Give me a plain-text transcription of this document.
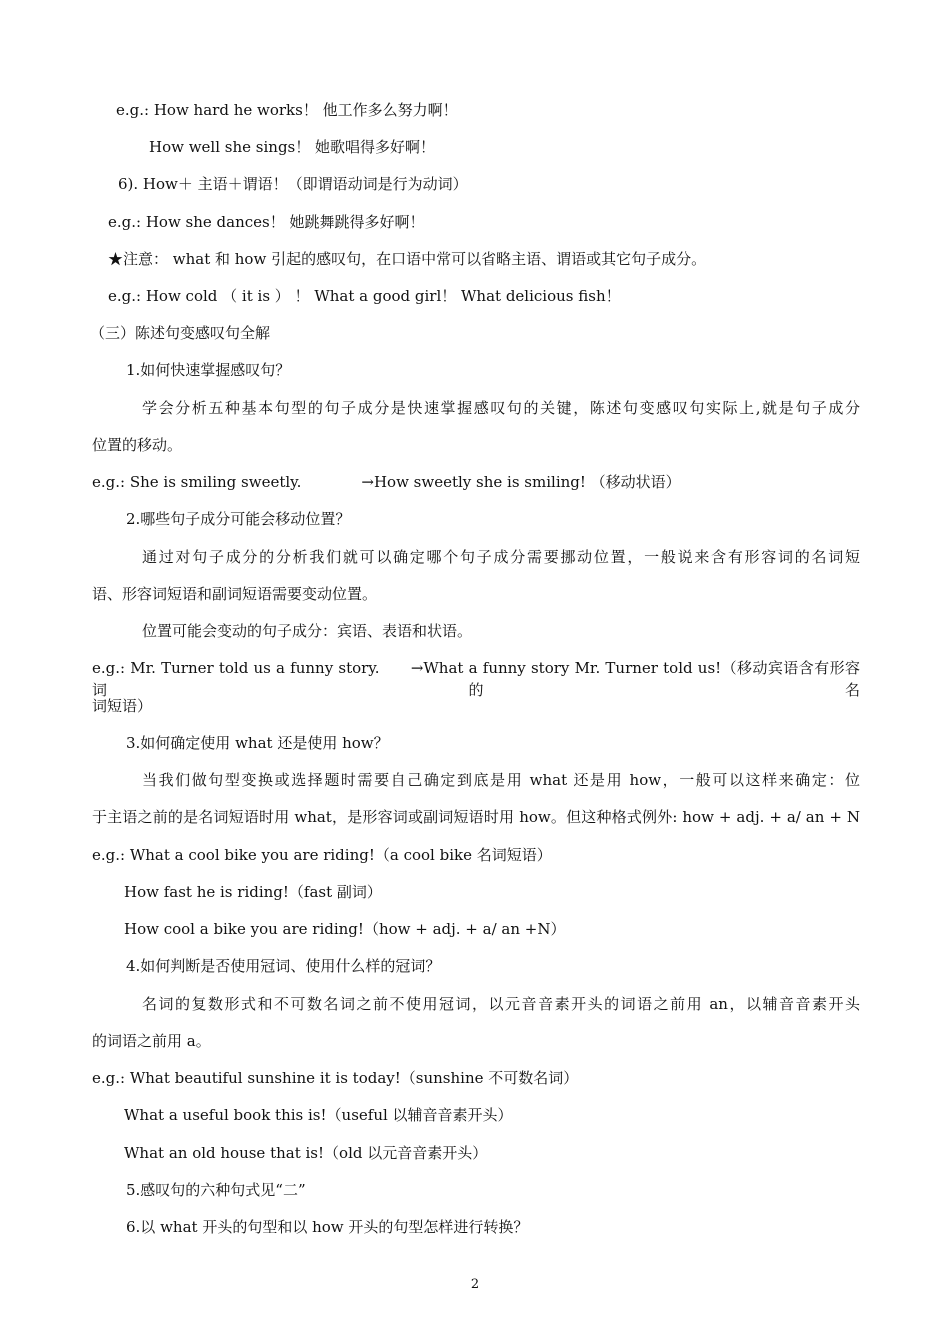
e.g.: How hard he works！ 他工作多么努力啊！
How well she sings！ 她歌唱得多好啊！
6). How＋ 主语＋谓语！（即谓语动词是行为动词）
e.g.: How she dances！ 她跳舞跳得多好啊！
★注意： what 和 how 引起的感叹句，在口语中常可以省略主语、谓语或其它句子成分。
e.g.: How cold （ it is ） ！ What a good girl！ What delicious fish！
（三）陈述句变感叹句全解
1.如何快速掌握感叹句？
学会分析五种基本句型的句子成分是快速掌握感叹句的关键，陈述句变感叹句实际上,就是句子成分
位置的移动。
e.g.: She is smiling sweetly.　　　　→How sweetly she is smiling! （移动状语）
2.哪些句子成分可能会移动位置？
通过对句子成分的分析我们就可以确定哪个句子成分需要挪动位置，一般说来含有形容词的名词短
语、形容词短语和副词短语需要变动位置。
位置可能会变动的句子成分：宾语、表语和状语。
e.g.: Mr. Turner told us a funny story.　　→What a funny story Mr. Turner told us!（移动宾语含有形容词的名
词短语）
3.如何确定使用 what 还是使用 how？
当我们做句型变换或选择题时需要自己确定到底是用 what 还是用 how，一般可以这样来确定：位
于主语之前的是名词短语时用 what，是形容词或副词短语时用 how。但这种格式例外: how + adj. + a/ an + N
e.g.: What a cool bike you are riding!（a cool bike 名词短语）
How fast he is riding!（fast 副词）
How cool a bike you are riding!（how + adj. + a/ an +N）
4.如何判断是否使用冠词、使用什么样的冠词？
名词的复数形式和不可数名词之前不使用冠词，以元音音素开头的词语之前用 an，以辅音音素开头
的词语之前用 a。
e.g.: What beautiful sunshine it is today!（sunshine 不可数名词）
What a useful book this is!（useful 以辅音音素开头）
What an old house that is!（old 以元音音素开头）
5.感叹句的六种句式见“二”
6.以 what 开头的句型和以 how 开头的句型怎样进行转换？
2
